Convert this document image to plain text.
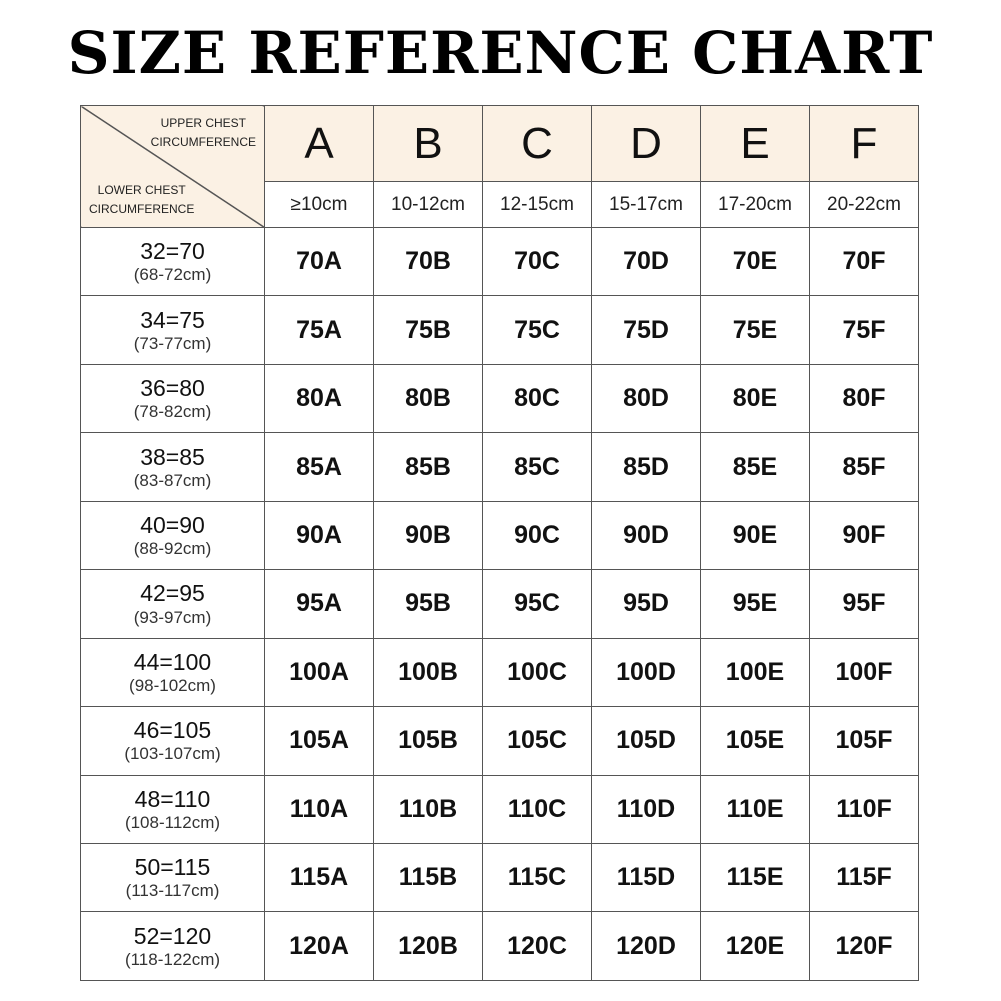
SIZE REFERENCE CHART
UPPER CHEST
CIRCUMFERENCE
LOWER CHEST
CIRCUMFERENCE	A	B	C	D	E	F
	≥10cm	10-12cm	12-15cm	15-17cm	17-20cm	20-22cm

32=70
(68-72cm)	70A	70B	70C	70D	70E	70F

34=75
(73-77cm)	75A	75B	75C	75D	75E	75F

36=80
(78-82cm)	80A	80B	80C	80D	80E	80F

38=85
(83-87cm)	85A	85B	85C	85D	85E	85F

40=90
(88-92cm)	90A	90B	90C	90D	90E	90F

42=95
(93-97cm)	95A	95B	95C	95D	95E	95F

44=100
(98-102cm)	100A	100B	100C	100D	100E	100F

46=105
(103-107cm)	105A	105B	105C	105D	105E	105F

48=110
(108-112cm)	110A	110B	110C	110D	110E	110F

50=115
(113-117cm)	115A	115B	115C	115D	115E	115F

52=120
(118-122cm)	120A	120B	120C	120D	120E	120F
